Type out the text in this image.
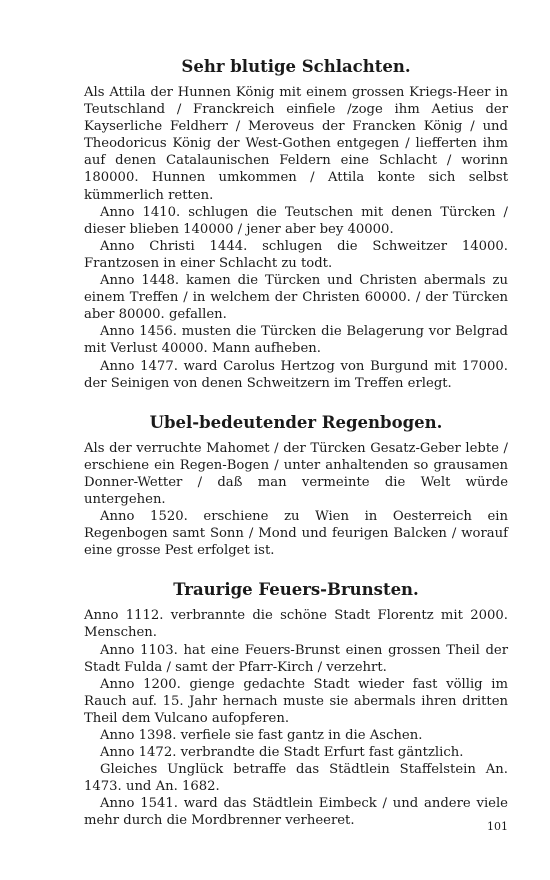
Sehr blutige Schlachten.

Als Attila der Hunnen König mit einem grossen Kriegs-Heer in Teutschland / Franckreich einfiele /zoge ihm Aetius der Kayserliche Feldherr / Meroveus der Francken König / und Theodoricus König der West-Gothen entgegen / liefferten ihm auf denen Catalaunischen Feldern eine Schlacht / worinn 180000. Hunnen umkommen / Attila konte sich selbst kümmerlich retten.

Anno 1410. schlugen die Teutschen mit denen Türcken / dieser blieben 140000 / jener aber bey 40000.

Anno Christi 1444. schlugen die Schweitzer 14000. Frantzosen in einer Schlacht zu todt.

Anno 1448. kamen die Türcken und Christen abermals zu einem Treffen / in welchem der Christen 60000. / der Türcken aber 80000. gefallen.

Anno 1456. musten die Türcken die Belagerung vor Belgrad mit Verlust 40000. Mann aufheben.

Anno 1477. ward Carolus Hertzog von Burgund mit 17000. der Seinigen von denen Schweitzern im Treffen erlegt.

Ubel-bedeutender Regenbogen.

Als der verruchte Mahomet / der Türcken Gesatz-Geber lebte / erschiene ein Regen-Bogen / unter anhaltenden so grausamen Donner-Wetter / daß man vermeinte die Welt würde untergehen.

Anno 1520. erschiene zu Wien in Oesterreich ein Regenbogen samt Sonn / Mond und feurigen Balcken / worauf eine grosse Pest erfolget ist.

Traurige Feuers-Brunsten.

Anno 1112. verbrannte die schöne Stadt Florentz mit 2000. Menschen.

Anno 1103. hat eine Feuers-Brunst einen grossen Theil der Stadt Fulda / samt der Pfarr-Kirch / verzehrt.

Anno 1200. gienge gedachte Stadt wieder fast völlig im Rauch auf. 15. Jahr hernach muste sie abermals ihren dritten Theil dem Vulcano aufopferen.

Anno 1398. verfiele sie fast gantz in die Aschen.

Anno 1472. verbrandte die Stadt Erfurt fast gäntzlich.

Gleiches Unglück betraffe das Städtlein Staffelstein An. 1473. und An. 1682.

Anno 1541. ward das Städtlein Eimbeck / und andere viele mehr durch die Mordbrenner verheeret.	101
